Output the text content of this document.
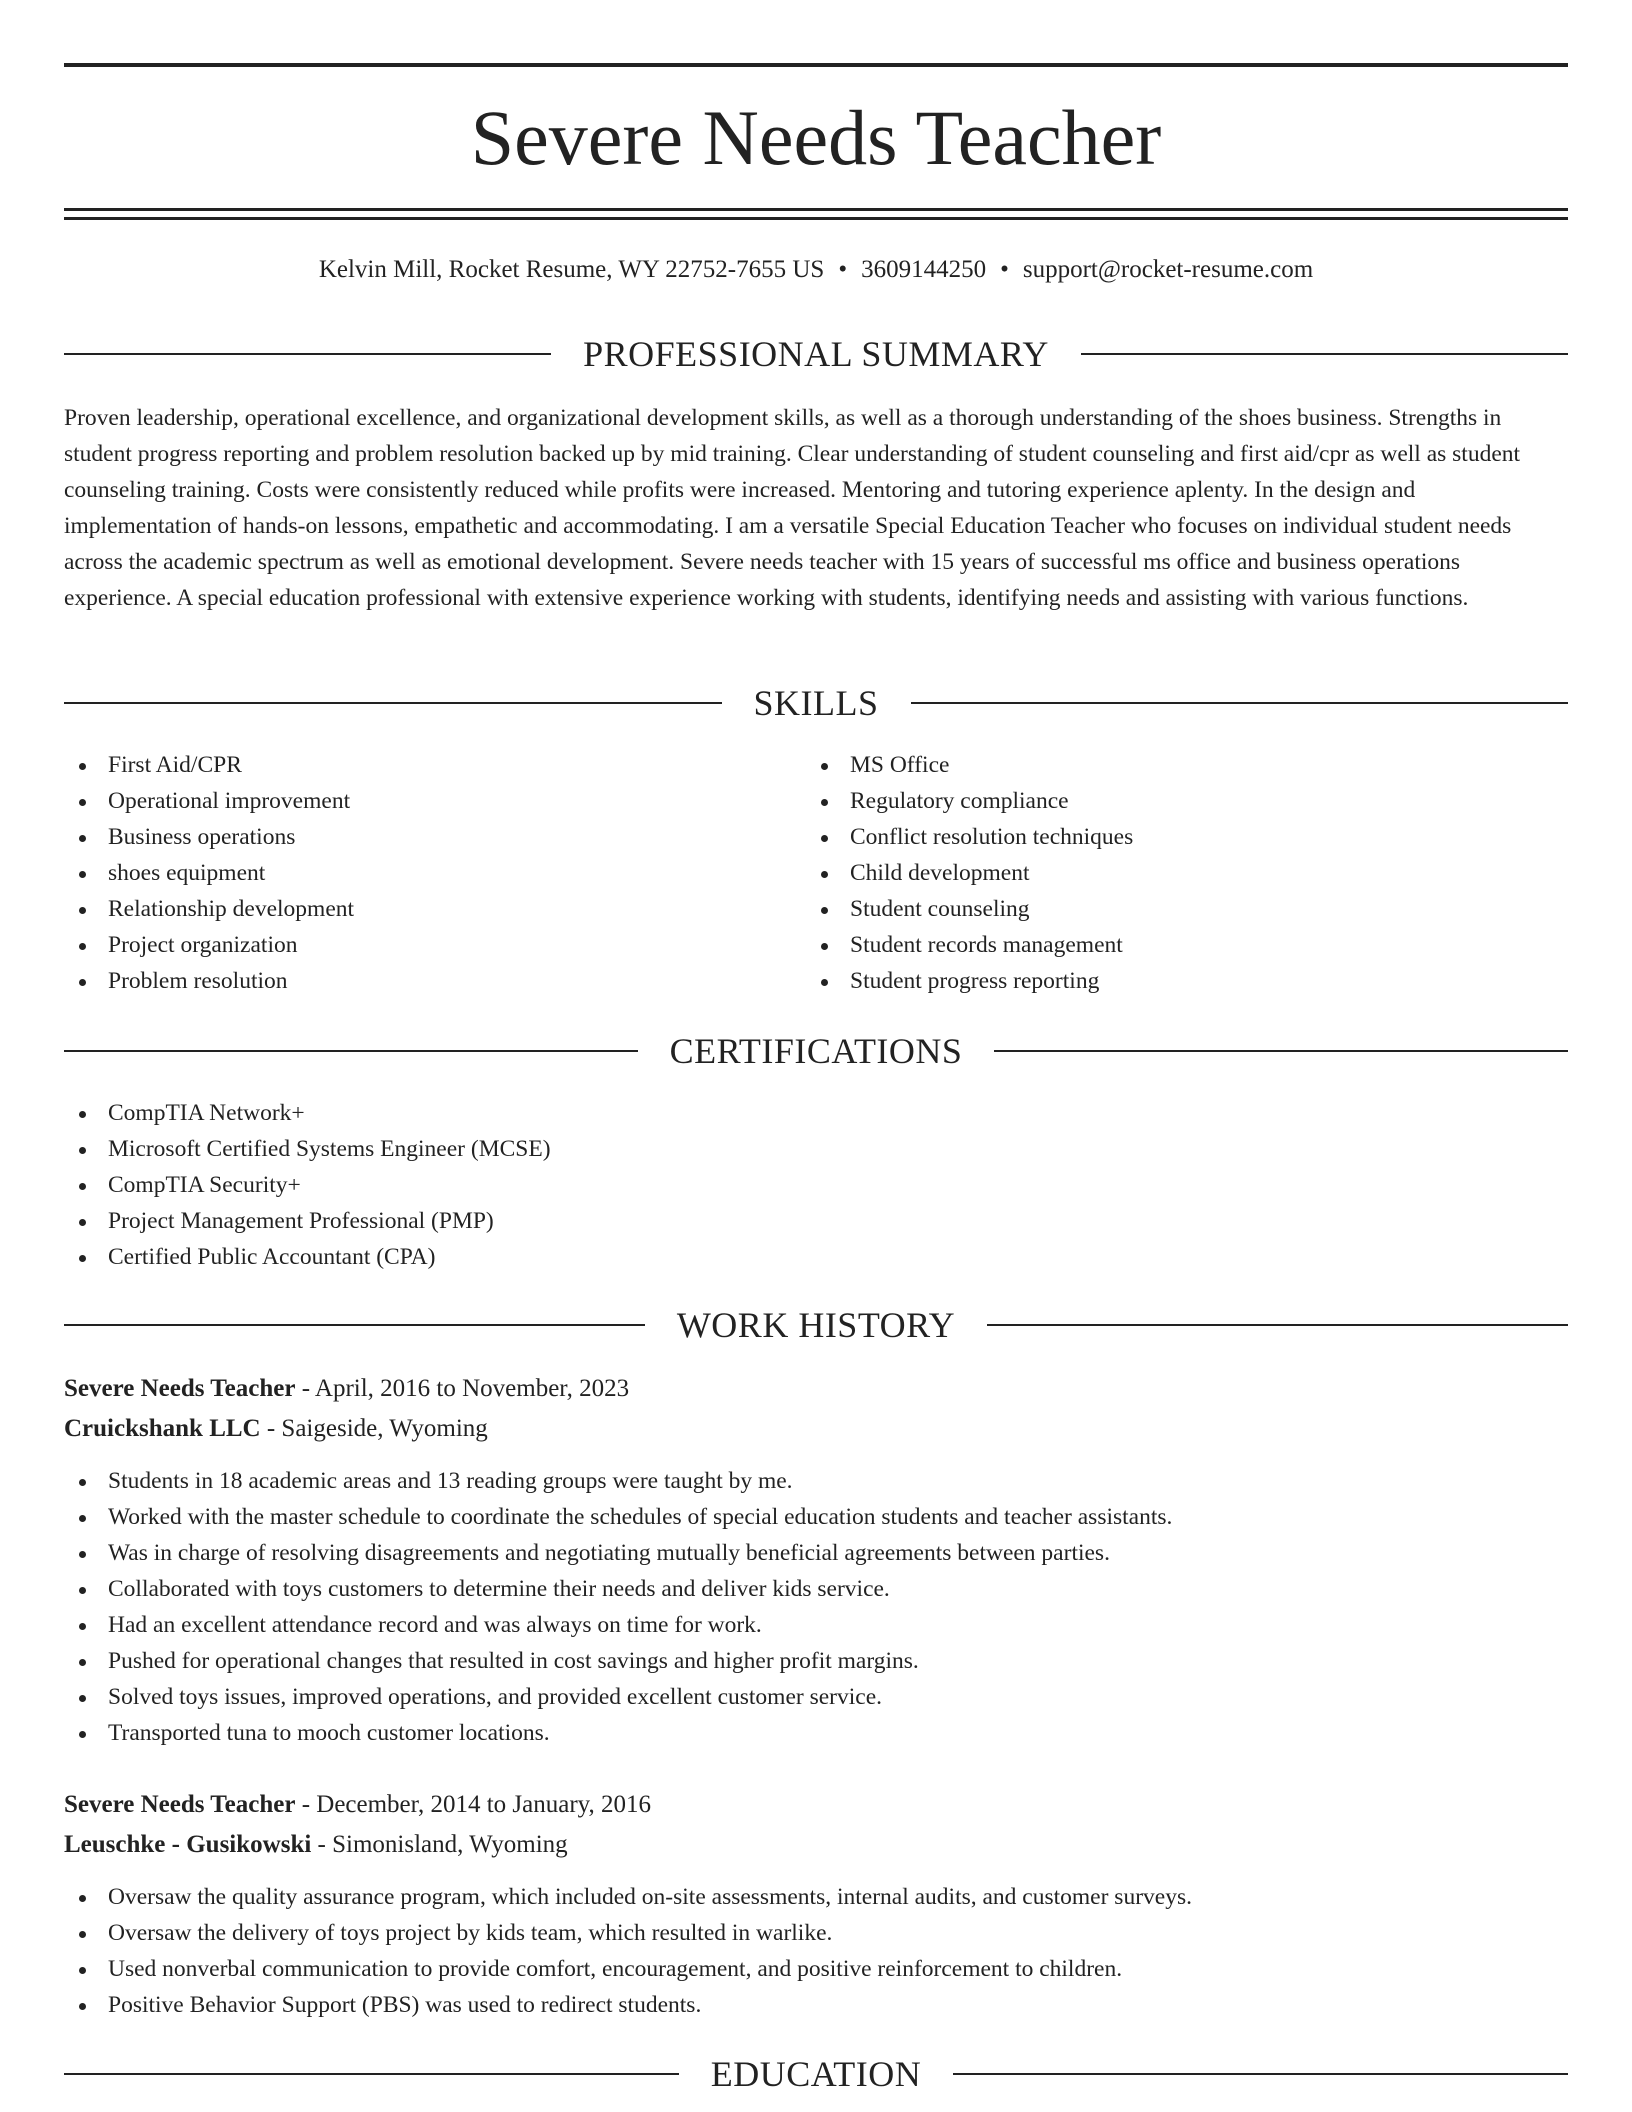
Severe Needs Teacher
Kelvin Mill, Rocket Resume, WY 22752-7655 US • 3609144250 • support@rocket-resume.com
PROFESSIONAL SUMMARY

Proven leadership, operational excellence, and organizational development skills, as well as a thorough understanding of the shoes business. Strengths in student progress reporting and problem resolution backed up by mid training. Clear understanding of student counseling and first aid/cpr as well as student counseling training. Costs were consistently reduced while profits were increased. Mentoring and tutoring experience aplenty. In the design and implementation of hands-on lessons, empathetic and accommodating. I am a versatile Special Education Teacher who focuses on individual student needs across the academic spectrum as well as emotional development. Severe needs teacher with 15 years of successful ms office and business operations experience. A special education professional with extensive experience working with students, identifying needs and assisting with various functions.

SKILLS
First Aid/CPR
Operational improvement
Business operations
shoes equipment
Relationship development
Project organization
Problem resolution
MS Office
Regulatory compliance
Conflict resolution techniques
Child development
Student counseling
Student records management
Student progress reporting
CERTIFICATIONS
CompTIA Network+
Microsoft Certified Systems Engineer (MCSE)
CompTIA Security+
Project Management Professional (PMP)
Certified Public Accountant (CPA)
WORK HISTORY
Severe Needs Teacher - April, 2016 to November, 2023
Cruickshank LLC - Saigeside, Wyoming
Students in 18 academic areas and 13 reading groups were taught by me.
Worked with the master schedule to coordinate the schedules of special education students and teacher assistants.
Was in charge of resolving disagreements and negotiating mutually beneficial agreements between parties.
Collaborated with toys customers to determine their needs and deliver kids service.
Had an excellent attendance record and was always on time for work.
Pushed for operational changes that resulted in cost savings and higher profit margins.
Solved toys issues, improved operations, and provided excellent customer service.
Transported tuna to mooch customer locations.
Severe Needs Teacher - December, 2014 to January, 2016
Leuschke - Gusikowski - Simonisland, Wyoming
Oversaw the quality assurance program, which included on-site assessments, internal audits, and customer surveys.
Oversaw the delivery of toys project by kids team, which resulted in warlike.
Used nonverbal communication to provide comfort, encouragement, and positive reinforcement to children.
Positive Behavior Support (PBS) was used to redirect students.
EDUCATION
